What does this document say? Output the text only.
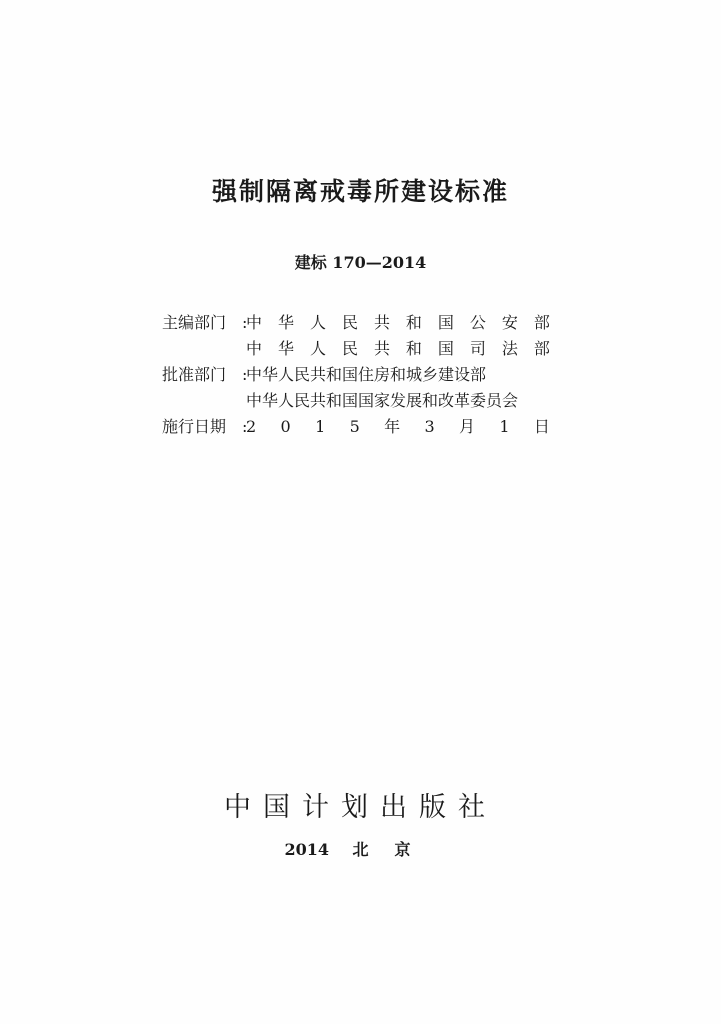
强制隔离戒毒所建设标准
建标 170—2014
主编部门 :
中 华 人 民 共 和 国 公 安 部
中 华 人 民 共 和 国 司 法 部
批准部门 :
中华人民共和国住房和城乡建设部
中华人民共和国国家发展和改革委员会
施行日期 :
2 0 1 5 年 3 月 1 日
中国计划出版社
2014 北京
